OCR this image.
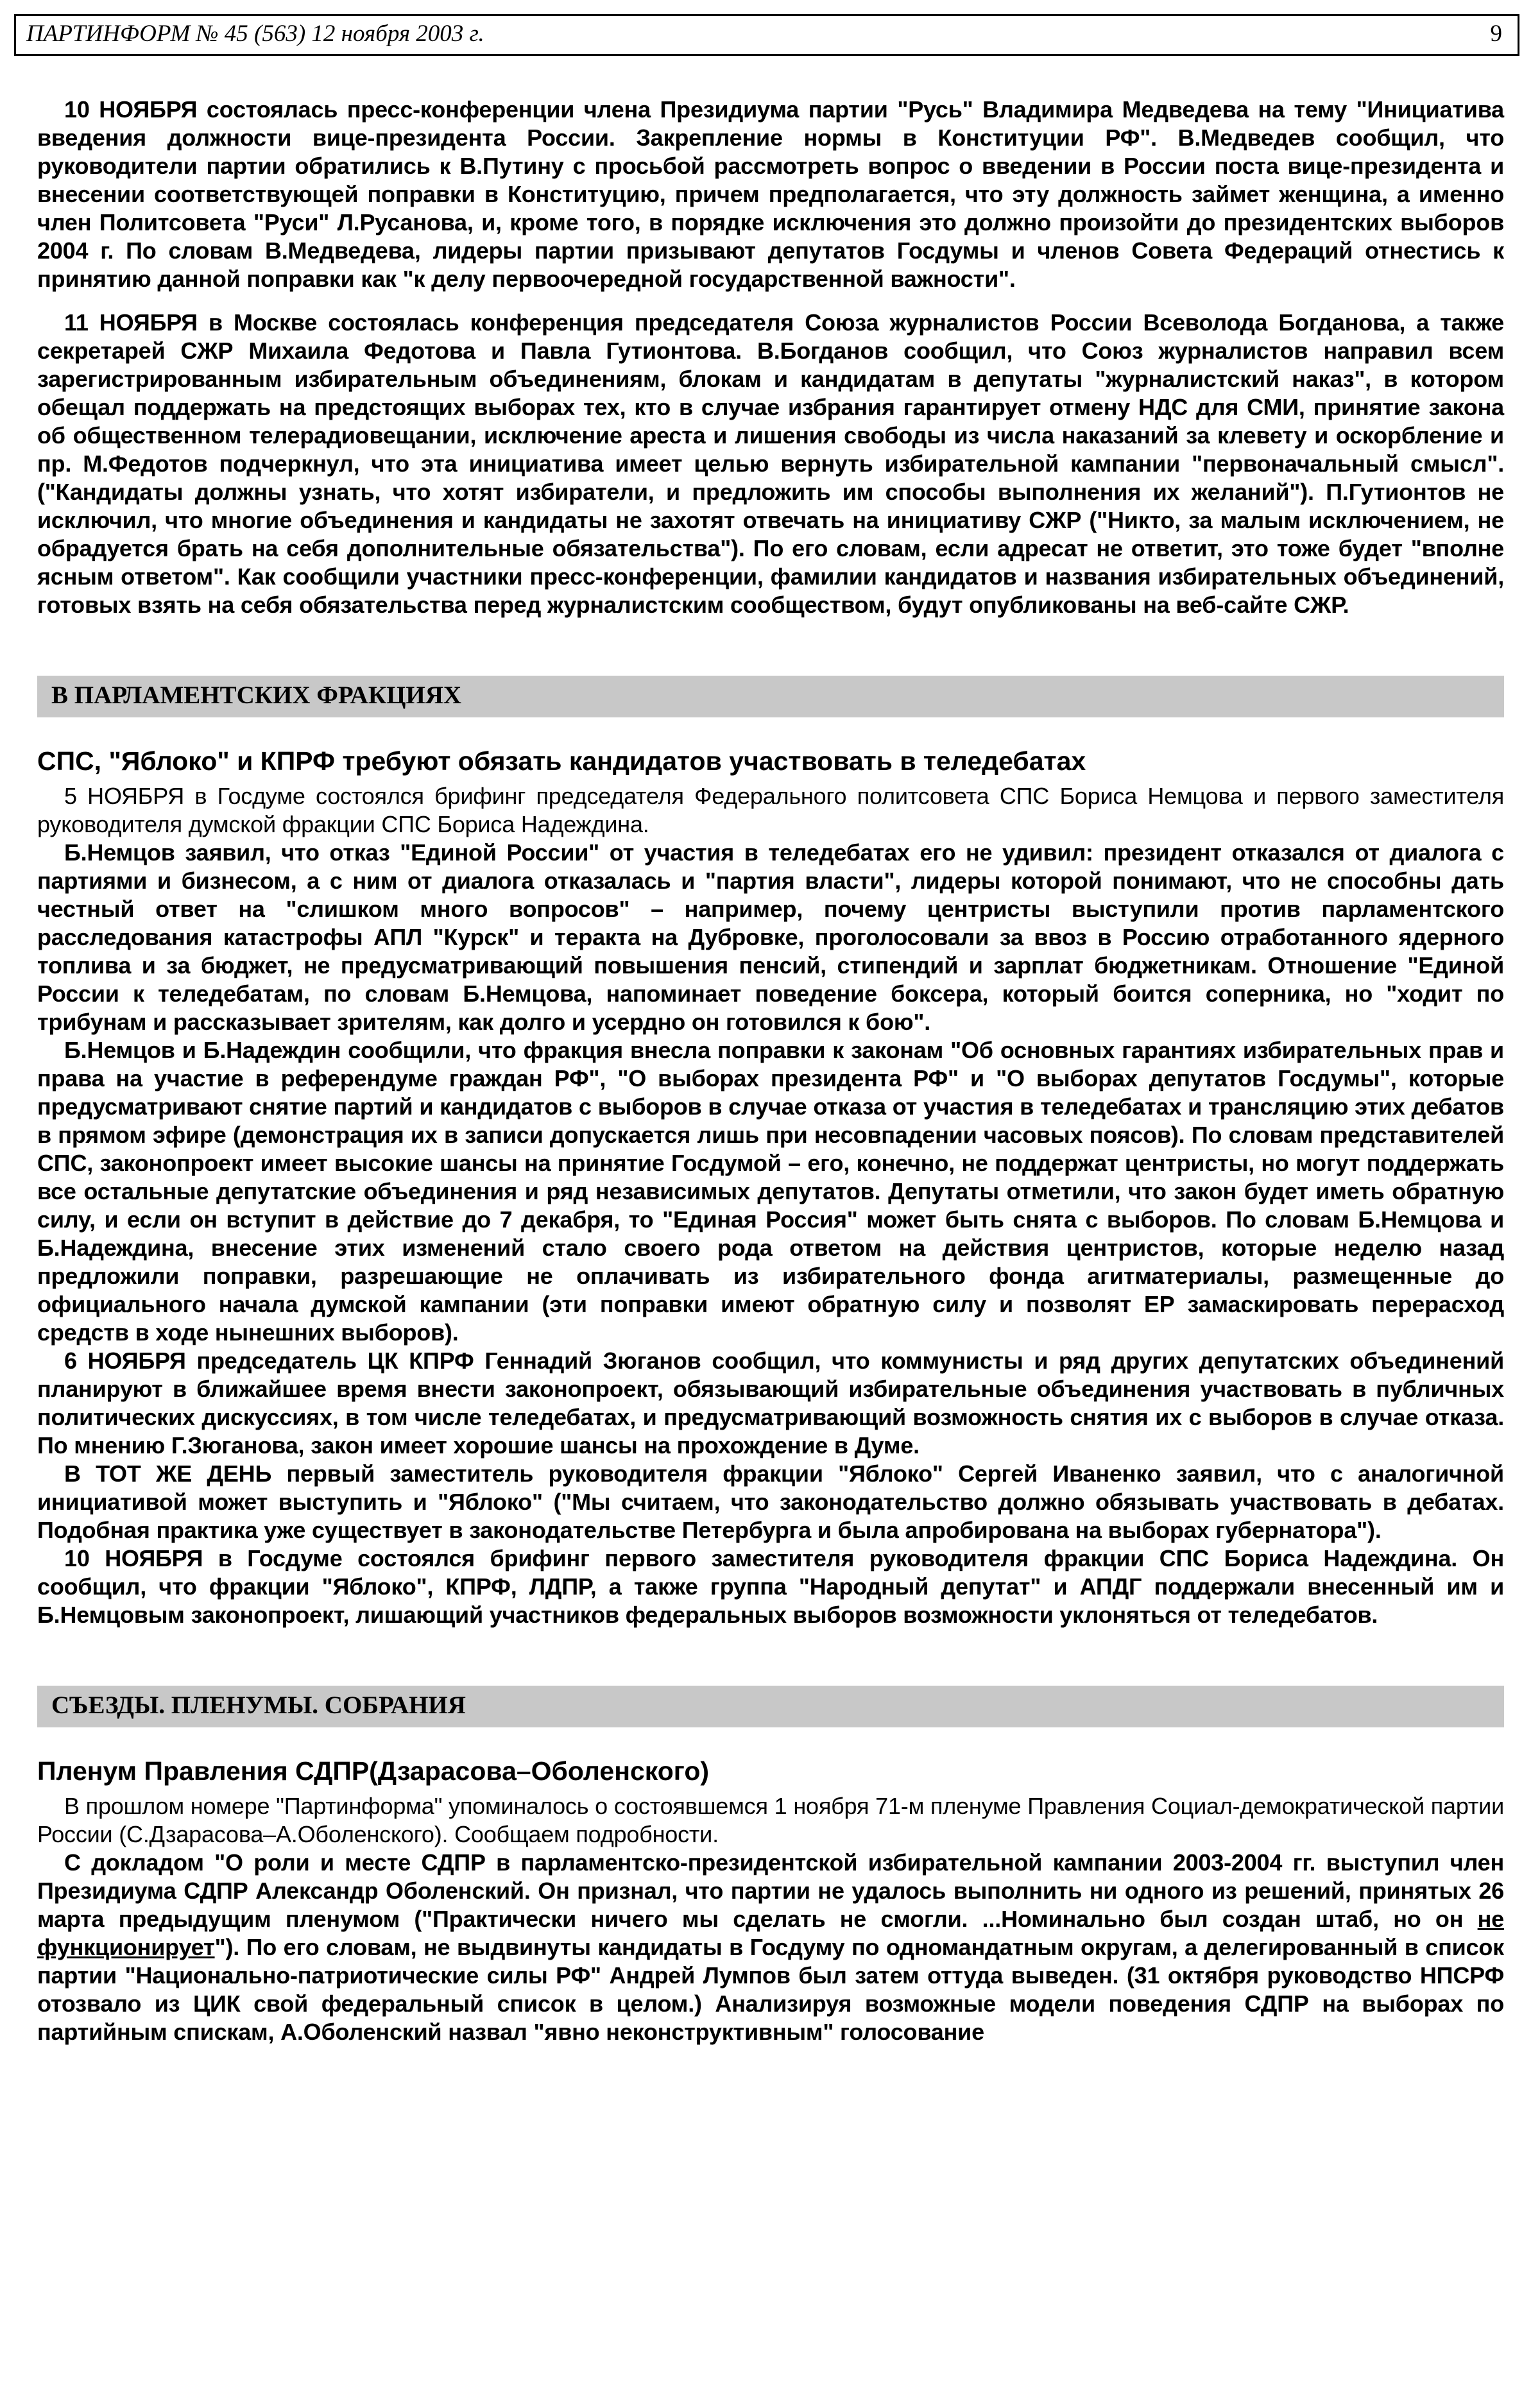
ПАРТИНФОРМ № 45 (563) 12 ноября 2003 г.	9

10 НОЯБРЯ состоялась пресс-конференции члена Президиума партии "Русь" Владимира Медведева на тему "Инициатива введения должности вице-президента России. Закрепление нормы в Конституции РФ". В.Медведев сообщил, что руководители партии обратились к В.Путину с просьбой рассмотреть вопрос о введении в России поста вице-президента и внесении соответствующей поправки в Конституцию, причем предполагается, что эту должность займет женщина, а именно член Политсовета "Руси" Л.Русанова, и, кроме того, в порядке исключения это должно произойти до президентских выборов 2004 г. По словам В.Медведева, лидеры партии призывают депутатов Госдумы и членов Совета Федераций отнестись к принятию данной поправки как "к делу первоочередной государственной важности".

11 НОЯБРЯ в Москве состоялась конференция председателя Союза журналистов России Всеволода Богданова, а также секретарей СЖР Михаила Федотова и Павла Гутионтова. В.Богданов сообщил, что Союз журналистов направил всем зарегистрированным избирательным объединениям, блокам и кандидатам в депутаты "журналистский наказ", в котором обещал поддержать на предстоящих выборах тех, кто в случае избрания гарантирует отмену НДС для СМИ, принятие закона об общественном телерадиовещании, исключение ареста и лишения свободы из числа наказаний за клевету и оскорбление и пр. М.Федотов подчеркнул, что эта инициатива имеет целью вернуть избирательной кампании "первоначальный смысл". ("Кандидаты должны узнать, что хотят избиратели, и предложить им способы выполнения их желаний"). П.Гутионтов не исключил, что многие объединения и кандидаты не захотят отвечать на инициативу СЖР ("Никто, за малым исключением, не обрадуется брать на себя дополнительные обязательства"). По его словам, если адресат не ответит, это тоже будет "вполне ясным ответом". Как сообщили участники пресс-конференции, фамилии кандидатов и названия избирательных объединений, готовых взять на себя обязательства перед журналистским сообществом, будут опубликованы на веб-сайте СЖР.

В ПАРЛАМЕНТСКИХ ФРАКЦИЯХ
СПС, "Яблоко" и КПРФ требуют обязать кандидатов участвовать в теледебатах

5 НОЯБРЯ в Госдуме состоялся брифинг председателя Федерального политсовета СПС Бориса Немцова и первого заместителя руководителя думской фракции СПС Бориса Надеждина.

Б.Немцов заявил, что отказ "Единой России" от участия в теледебатах его не удивил: президент отказался от диалога с партиями и бизнесом, а с ним от диалога отказалась и "партия власти", лидеры которой понимают, что не способны дать честный ответ на "слишком много вопросов" – например, почему центристы выступили против парламентского расследования катастрофы АПЛ "Курск" и теракта на Дубровке, проголосовали за ввоз в Россию отработанного ядерного топлива и за бюджет, не предусматривающий повышения пенсий, стипендий и зарплат бюджетникам. Отношение "Единой России к теледебатам, по словам Б.Немцова, напоминает поведение боксера, который боится соперника, но "ходит по трибунам и рассказывает зрителям, как долго и усердно он готовился к бою".

Б.Немцов и Б.Надеждин сообщили, что фракция внесла поправки к законам "Об основных гарантиях избирательных прав и права на участие в референдуме граждан РФ", "О выборах президента РФ" и "О выборах депутатов Госдумы", которые предусматривают снятие партий и кандидатов с выборов в случае отказа от участия в теледебатах и трансляцию этих дебатов в прямом эфире (демонстрация их в записи допускается лишь при несовпадении часовых поясов). По словам представителей СПС, законопроект имеет высокие шансы на принятие Госдумой – его, конечно, не поддержат центристы, но могут поддержать все остальные депутатские объединения и ряд независимых депутатов. Депутаты отметили, что закон будет иметь обратную силу, и если он вступит в действие до 7 декабря, то "Единая Россия" может быть снята с выборов. По словам Б.Немцова и Б.Надеждина, внесение этих изменений стало своего рода ответом на действия центристов, которые неделю назад предложили поправки, разрешающие не оплачивать из избирательного фонда агитматериалы, размещенные до официального начала думской кампании (эти поправки имеют обратную силу и позволят ЕР замаскировать перерасход средств в ходе нынешних выборов).

6 НОЯБРЯ председатель ЦК КПРФ Геннадий Зюганов сообщил, что коммунисты и ряд других депутатских объединений планируют в ближайшее время внести законопроект, обязывающий избирательные объединения участвовать в публичных политических дискуссиях, в том числе теледебатах, и предусматривающий возможность снятия их с выборов в случае отказа. По мнению Г.Зюганова, закон имеет хорошие шансы на прохождение в Думе.

В ТОТ ЖЕ ДЕНЬ первый заместитель руководителя фракции "Яблоко" Сергей Иваненко заявил, что с аналогичной инициативой может выступить и "Яблоко" ("Мы считаем, что законодательство должно обязывать участвовать в дебатах. Подобная практика уже существует в законодательстве Петербурга и была апробирована на выборах губернатора").

10 НОЯБРЯ в Госдуме состоялся брифинг первого заместителя руководителя фракции СПС Бориса Надеждина. Он сообщил, что фракции "Яблоко", КПРФ, ЛДПР, а также группа "Народный депутат" и АПДГ поддержали внесенный им и Б.Немцовым законопроект, лишающий участников федеральных выборов возможности уклоняться от теледебатов.

СЪЕЗДЫ. ПЛЕНУМЫ. СОБРАНИЯ
Пленум Правления СДПР(Дзарасова–Оболенского)

В прошлом номере "Партинформа" упоминалось о состоявшемся 1 ноября 71-м пленуме Правления Социал-демократической партии России (С.Дзарасова–А.Оболенского). Сообщаем подробности.

С докладом "О роли и месте СДПР в парламентско-президентской избирательной кампании 2003-2004 гг. выступил член Президиума СДПР Александр Оболенский. Он признал, что партии не удалось выполнить ни одного из решений, принятых 26 марта предыдущим пленумом ("Практически ничего мы сделать не смогли. ...Номинально был создан штаб, но он не функционирует"). По его словам, не выдвинуты кандидаты в Госдуму по одномандатным округам, а делегированный в список партии "Национально-патриотические силы РФ" Андрей Лумпов был затем оттуда выведен. (31 октября руководство НПСРФ отозвало из ЦИК свой федеральный список в целом.) Анализируя возможные модели поведения СДПР на выборах по партийным спискам, А.Оболенский назвал "явно неконструктивным" голосование
